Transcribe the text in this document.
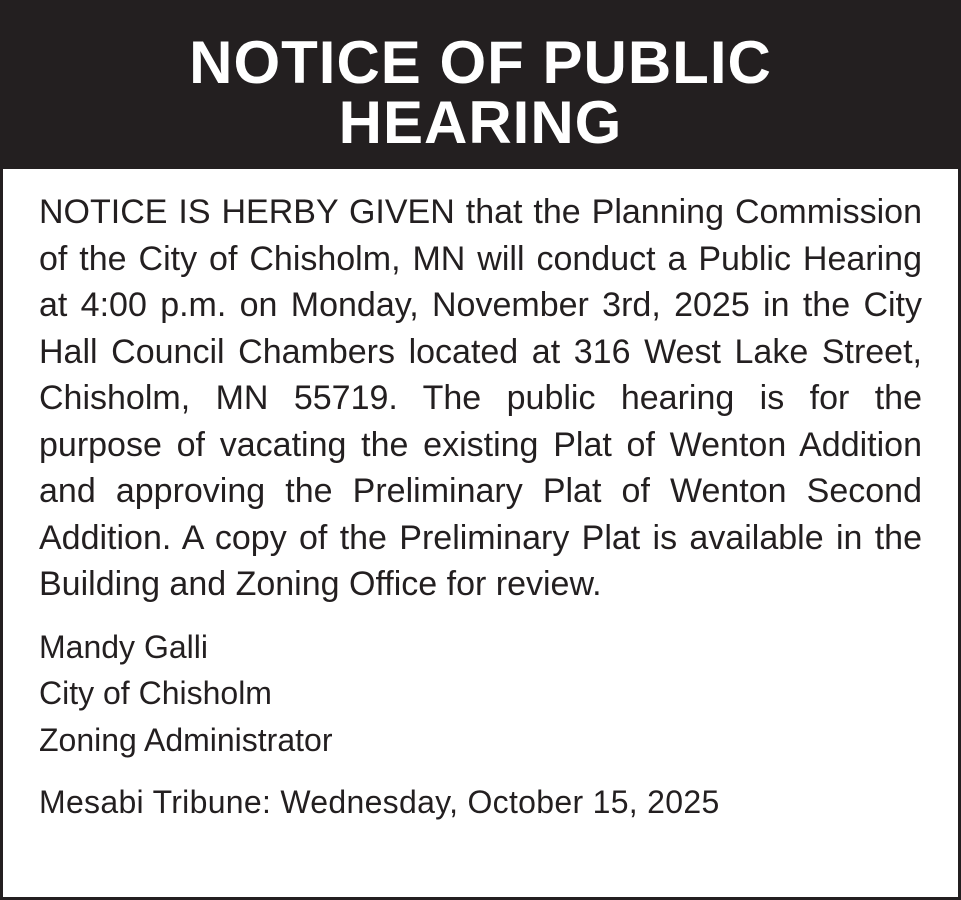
NOTICE OF PUBLIC
HEARING

NOTICE IS HERBY GIVEN that the Planning Commission of the City of Chisholm, MN will conduct a Public Hearing at 4:00 p.m. on Monday, November 3rd, 2025 in the City Hall Council Chambers located at 316 West Lake Street, Chisholm, MN 55719. The public hearing is for the purpose of vacating the existing Plat of Wenton Addition and approving the Preliminary Plat of Wenton Second Addition. A copy of the Preliminary Plat is available in the Building and Zoning Office for review.

Mandy Galli
City of Chisholm
Zoning Administrator
Mesabi Tribune: Wednesday, October 15, 2025
